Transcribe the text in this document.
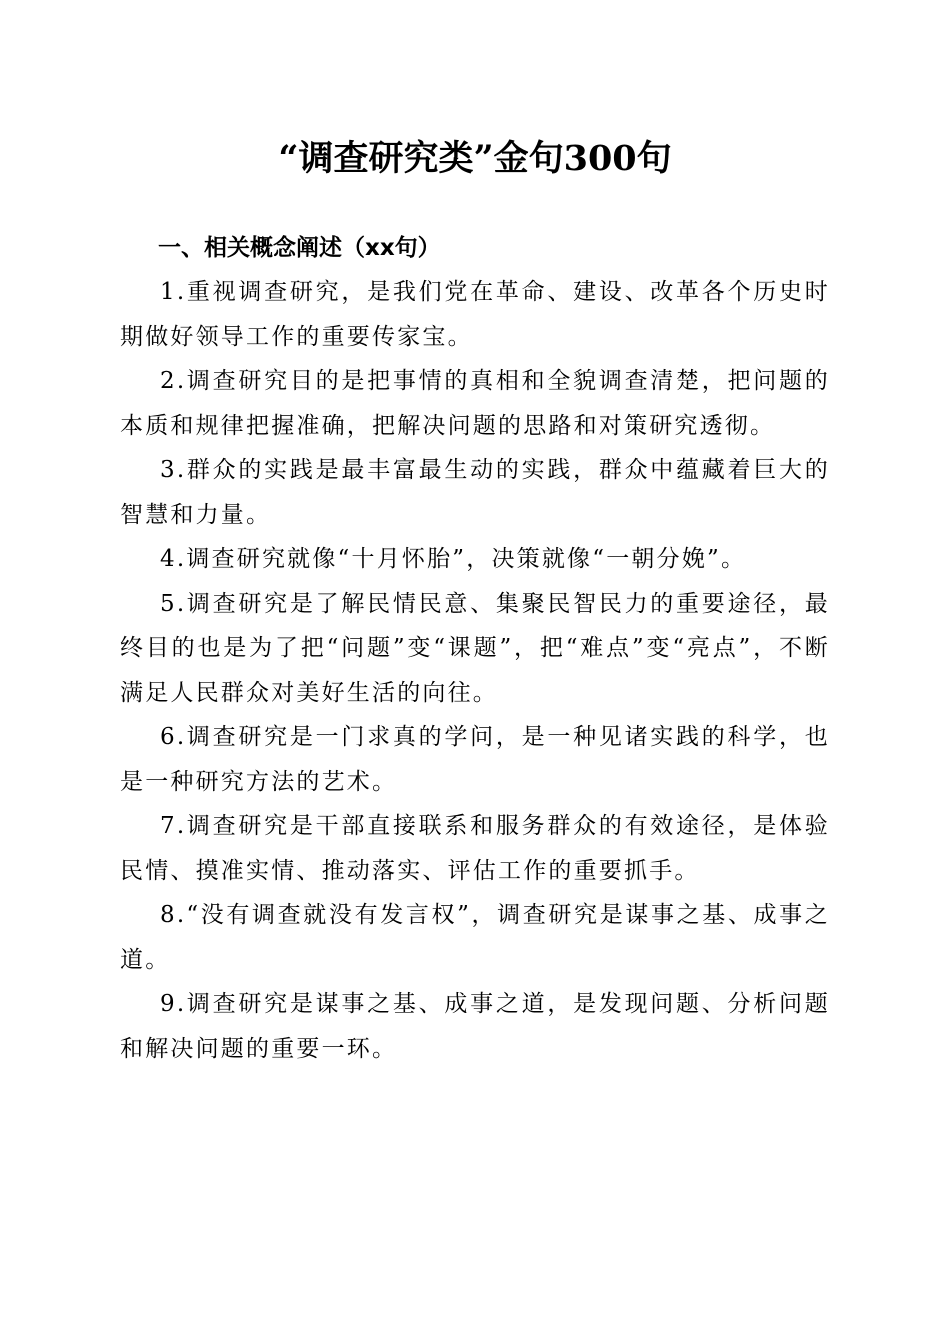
“调查研究类”金句300句
一、相关概念阐述（xx句）

1.重视调查研究，是我们党在革命、建设、改革各个历史时期做好领导工作的重要传家宝。

2.调查研究目的是把事情的真相和全貌调查清楚，把问题的本质和规律把握准确，把解决问题的思路和对策研究透彻。

3.群众的实践是最丰富最生动的实践，群众中蕴藏着巨大的智慧和力量。

4.调查研究就像“十月怀胎”，决策就像“一朝分娩”。

5.调查研究是了解民情民意、集聚民智民力的重要途径，最终目的也是为了把“问题”变“课题”，把“难点”变“亮点”，不断满足人民群众对美好生活的向往。

6.调查研究是一门求真的学问，是一种见诸实践的科学，也是一种研究方法的艺术。

7.调查研究是干部直接联系和服务群众的有效途径，是体验民情、摸准实情、推动落实、评估工作的重要抓手。

8.“没有调查就没有发言权”，调查研究是谋事之基、成事之道。

9.调查研究是谋事之基、成事之道，是发现问题、分析问题和解决问题的重要一环。
